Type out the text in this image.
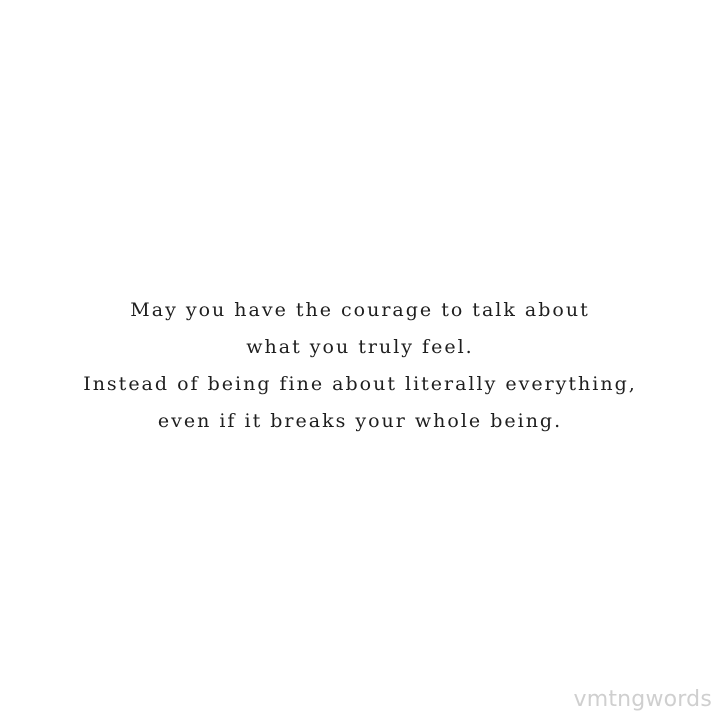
May you have the courage to talk about
what you truly feel.
Instead of being fine about literally everything,
even if it breaks your whole being.
vmtngwords
